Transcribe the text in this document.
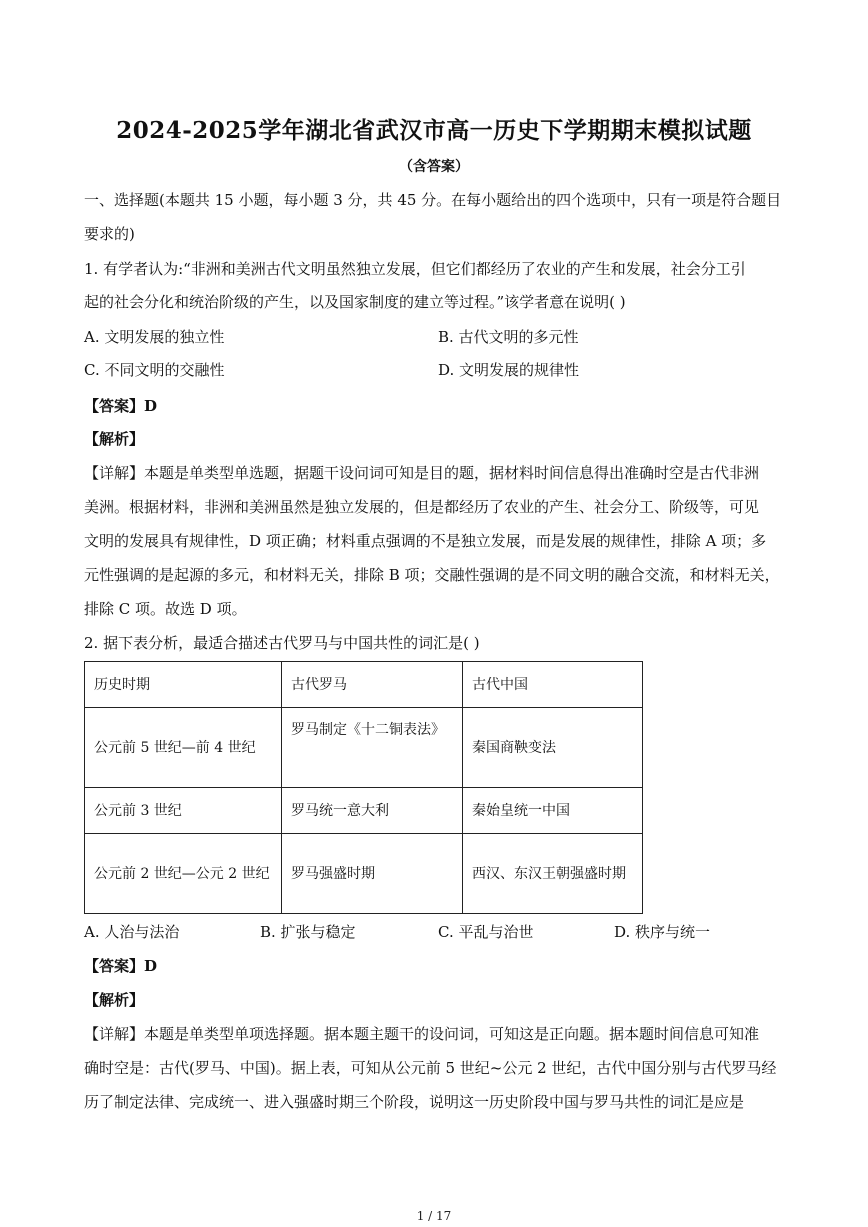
2024-2025学年湖北省武汉市高一历史下学期期末模拟试题
（含答案）
一、选择题(本题共 15 小题，每小题 3 分，共 45 分。在每小题给出的四个选项中，只有一项是符合题目
要求的)
1. 有学者认为:“非洲和美洲古代文明虽然独立发展，但它们都经历了农业的产生和发展，社会分工引
起的社会分化和统治阶级的产生，以及国家制度的建立等过程。”该学者意在说明( )
A. 文明发展的独立性	B. 古代文明的多元性
C. 不同文明的交融性	D. 文明发展的规律性
【答案】D
【解析】
【详解】本题是单类型单选题，据题干设问词可知是目的题，据材料时间信息得出准确时空是古代非洲
美洲。根据材料，非洲和美洲虽然是独立发展的，但是都经历了农业的产生、社会分工、阶级等，可见
文明的发展具有规律性，D 项正确；材料重点强调的不是独立发展，而是发展的规律性，排除 A 项；多
元性强调的是起源的多元，和材料无关，排除 B 项；交融性强调的是不同文明的融合交流，和材料无关，
排除 C 项。故选 D 项。
2. 据下表分析，最适合描述古代罗马与中国共性的词汇是( )
历史时期	古代罗马	古代中国
公元前 5 世纪—前 4 世纪	罗马制定《十二铜表法》	秦国商鞅变法
公元前 3 世纪	罗马统一意大利	秦始皇统一中国
公元前 2 世纪—公元 2 世纪	罗马强盛时期	西汉、东汉王朝强盛时期
A. 人治与法治	B. 扩张与稳定	C. 平乱与治世	D. 秩序与统一
【答案】D
【解析】
【详解】本题是单类型单项选择题。据本题主题干的设问词，可知这是正向题。据本题时间信息可知准
确时空是：古代(罗马、中国)。据上表，可知从公元前 5 世纪~公元 2 世纪，古代中国分别与古代罗马经
历了制定法律、完成统一、进入强盛时期三个阶段，说明这一历史阶段中国与罗马共性的词汇是应是
1 / 17
